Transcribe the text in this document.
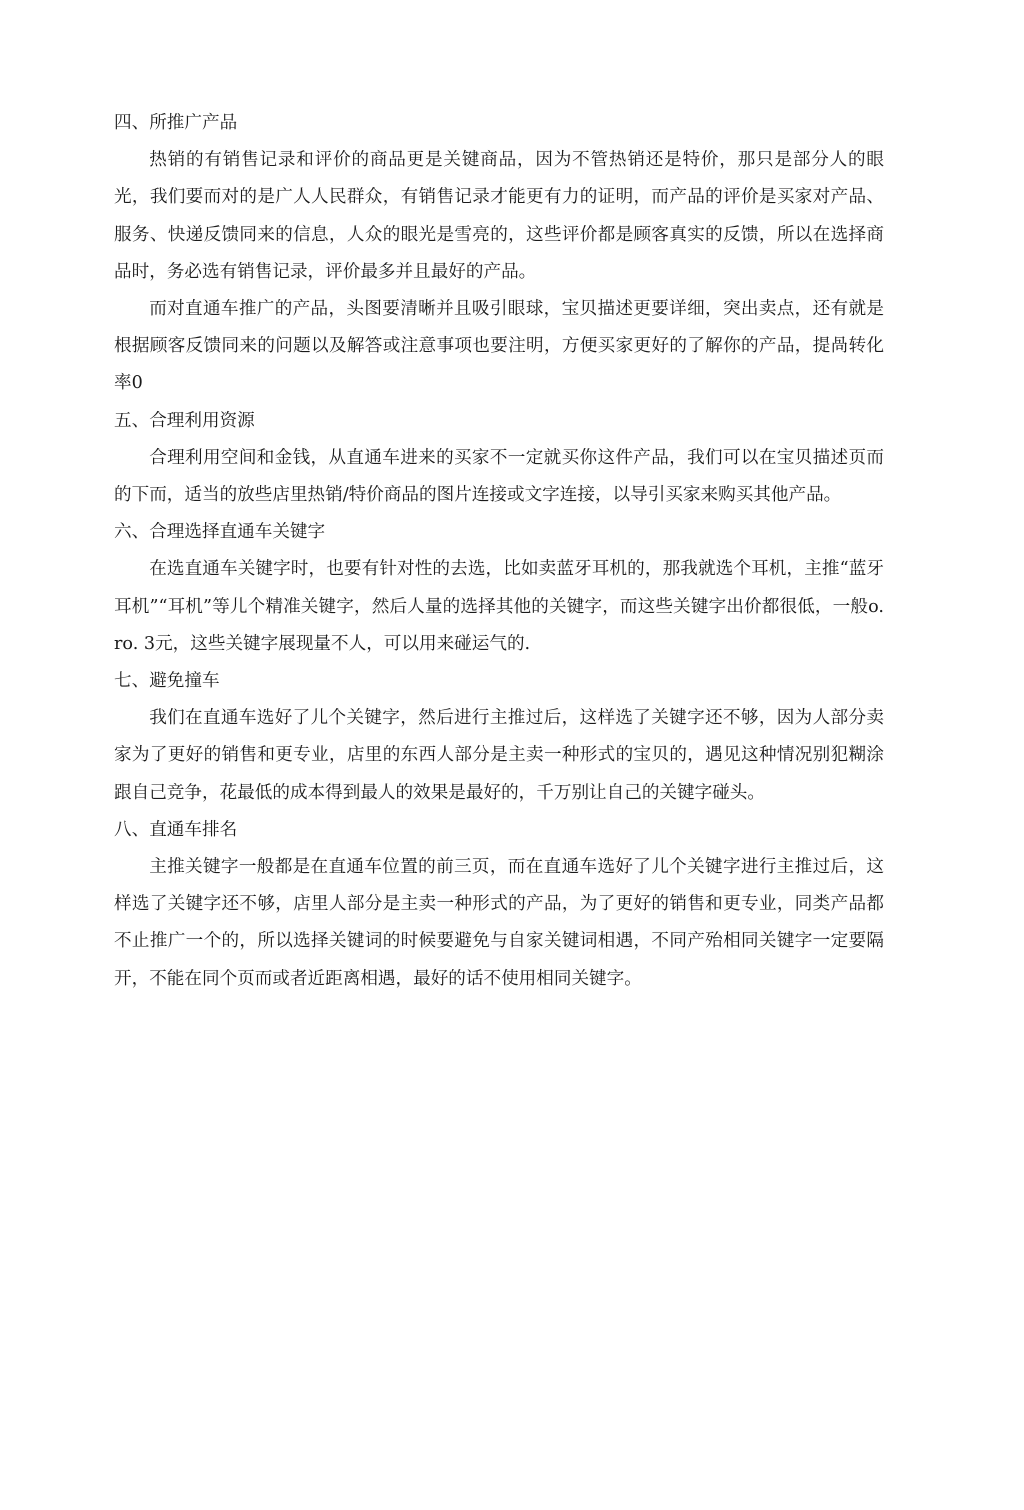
四、所推广产品

热销的有销售记录和评价的商品更是关键商品，因为不管热销还是特价，那只是部分人的眼光，我们要而对的是广人人民群众，有销售记录才能更有力的证明，而产品的评价是买家对产品、服务、快递反馈同来的信息，人众的眼光是雪亮的，这些评价都是顾客真实的反馈，所以在选择商品时，务必选有销售记录，评价最多并且最好的产品。

而对直通车推广的产品，头图要清晰并且吸引眼球，宝贝描述更要详细，突出卖点，还有就是根据顾客反馈同来的问题以及解答或注意事项也要注明，方便买家更好的了解你的产品，提咼转化率0

五、合理利用资源

合理利用空间和金钱，从直通车进来的买家不一定就买你这件产品，我们可以在宝贝描述页而的下而，适当的放些店里热销/特价商品的图片连接或文字连接，以导引买家来购买其他产品。

六、合理选择直通车关键字

在选直通车关键字时，也要有针对性的去选，比如卖蓝牙耳机的，那我就选个耳机，主推“蓝牙耳机”“耳机”等儿个精准关键字，然后人量的选择其他的关键字，而这些关键字出价都很低，一般o. ro. 3元，这些关键字展现量不人，可以用来碰运气的.

七、避免撞车

我们在直通车选好了儿个关键字，然后进行主推过后，这样选了关键字还不够，因为人部分卖家为了更好的销售和更专业，店里的东西人部分是主卖一种形式的宝贝的，遇见这种情况别犯糊涂跟自己竞争，花最低的成本得到最人的效果是最好的，千万别让自己的关键字碰头。

八、直通车排名

主推关键字一般都是在直通车位置的前三页，而在直通车选好了儿个关键字进行主推过后，这样选了关键字还不够，店里人部分是主卖一种形式的产品，为了更好的销售和更专业，同类产品都不止推广一个的，所以选择关键词的时候要避免与自家关键词相遇，不同产殆相同关键字一定要隔开，不能在同个页而或者近距离相遇，最好的话不使用相同关键字。
